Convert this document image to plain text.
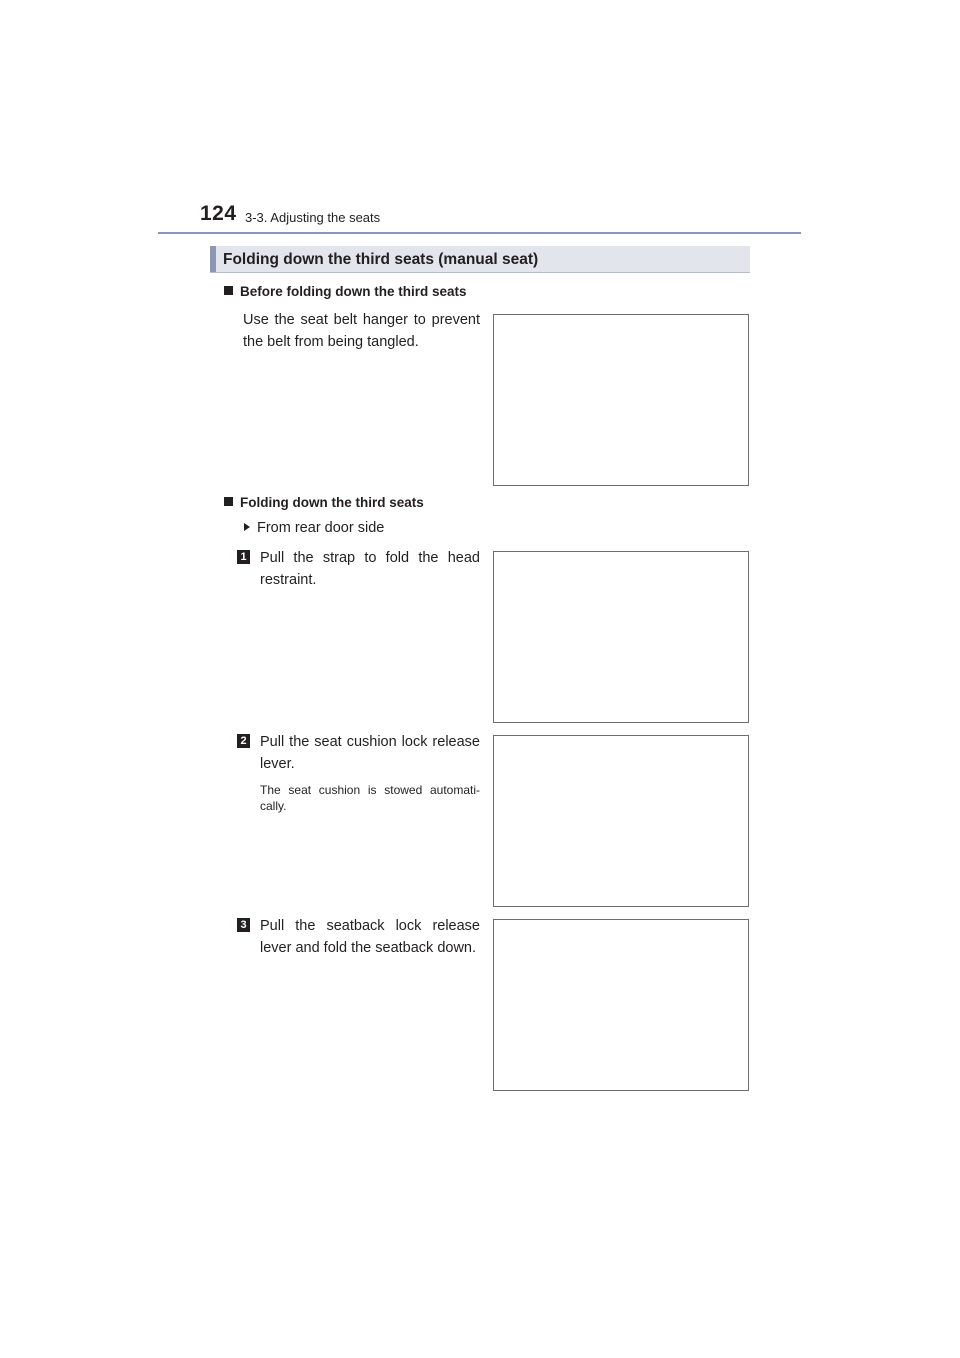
124 3-3. Adjusting the seats
Folding down the third seats (manual seat)
Before folding down the third seats
Use the seat belt hanger to prevent
the belt from being tangled.
Folding down the third seats
From rear door side
1 Pull the strap to fold the head
restraint.
2 Pull the seat cushion lock release
lever.
The seat cushion is stowed automati-
cally.
3 Pull the seatback lock release
lever and fold the seatback down.
